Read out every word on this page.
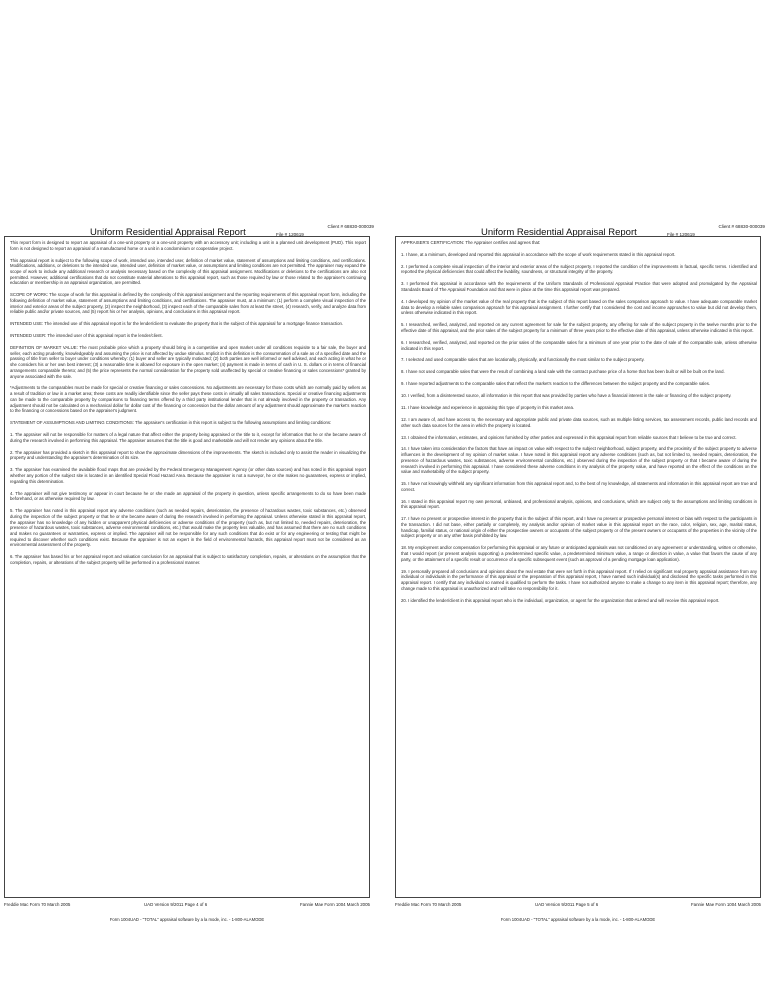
Uniform Residential Appraisal Report
Client # 68830-000039
File # 120619

This report form is designed to report an appraisal of a one-unit property or a one-unit property with an accessory unit; including a unit in a planned unit development (PUD). This report form is not designed to report an appraisal of a manufactured home or a unit in a condominium or cooperative project.

This appraisal report is subject to the following scope of work, intended use, intended user, definition of market value, statement of assumptions and limiting conditions, and certifications. Modifications, additions, or deletions to the intended use, intended user, definition of market value, or assumptions and limiting conditions are not permitted. The appraiser may expand the scope of work to include any additional research or analysis necessary based on the complexity of this appraisal assignment. Modifications or deletions to the certifications are also not permitted. However, additional certifications that do not constitute material alterations to this appraisal report, such as those required by law or those related to the appraiser's continuing education or membership in an appraisal organization, are permitted.

SCOPE OF WORK: The scope of work for this appraisal is defined by the complexity of this appraisal assignment and the reporting requirements of this appraisal report form, including the following definition of market value, statement of assumptions and limiting conditions, and certifications. The appraiser must, at a minimum: (1) perform a complete visual inspection of the interior and exterior areas of the subject property, (2) inspect the neighborhood, (3) inspect each of the comparable sales from at least the street, (4) research, verify, and analyze data from reliable public and/or private sources, and (5) report his or her analysis, opinions, and conclusions in this appraisal report.

INTENDED USE: The intended use of this appraisal report is for the lender/client to evaluate the property that is the subject of this appraisal for a mortgage finance transaction.

INTENDED USER: The intended user of this appraisal report is the lender/client.

DEFINITION OF MARKET VALUE: The most probable price which a property should bring in a competitive and open market under all conditions requisite to a fair sale, the buyer and seller, each acting prudently, knowledgeably and assuming the price is not affected by undue stimulus. Implicit in this definition is the consummation of a sale as of a specified date and the passing of title from seller to buyer under conditions whereby: (1) buyer and seller are typically motivated; (2) both parties are well informed or well advised, and each acting in what he or she considers his or her own best interest; (3) a reasonable time is allowed for exposure in the open market; (4) payment is made in terms of cash in U. S. dollars or in terms of financial arrangements comparable thereto; and (5) the price represents the normal consideration for the property sold unaffected by special or creative financing or sales concessions* granted by anyone associated with the sale.

*Adjustments to the comparables must be made for special or creative financing or sales concessions. No adjustments are necessary for those costs which are normally paid by sellers as a result of tradition or law in a market area; these costs are readily identifiable since the seller pays these costs in virtually all sales transactions. Special or creative financing adjustments can be made to the comparable property by comparisons to financing terms offered by a third party institutional lender that is not already involved in the property or transaction. Any adjustment should not be calculated on a mechanical dollar for dollar cost of the financing or concession but the dollar amount of any adjustment should approximate the market's reaction to the financing or concessions based on the appraiser's judgment.

STATEMENT OF ASSUMPTIONS AND LIMITING CONDITIONS: The appraiser's certification in this report is subject to the following assumptions and limiting conditions:

1. The appraiser will not be responsible for matters of a legal nature that affect either the property being appraised or the title to it, except for information that he or she became aware of during the research involved in performing this appraisal. The appraiser assumes that the title is good and marketable and will not render any opinions about the title.

2. The appraiser has provided a sketch in this appraisal report to show the approximate dimensions of the improvements. The sketch is included only to assist the reader in visualizing the property and understanding the appraiser's determination of its size.

3. The appraiser has examined the available flood maps that are provided by the Federal Emergency Management Agency (or other data sources) and has noted in this appraisal report whether any portion of the subject site is located in an identified Special Flood Hazard Area. Because the appraiser is not a surveyor, he or she makes no guarantees, express or implied, regarding this determination.

4. The appraiser will not give testimony or appear in court because he or she made an appraisal of the property in question, unless specific arrangements to do so have been made beforehand, or as otherwise required by law.

5. The appraiser has noted in this appraisal report any adverse conditions (such as needed repairs, deterioration, the presence of hazardous wastes, toxic substances, etc.) observed during the inspection of the subject property or that he or she became aware of during the research involved in performing the appraisal. Unless otherwise stated in this appraisal report, the appraiser has no knowledge of any hidden or unapparent physical deficiencies or adverse conditions of the property (such as, but not limited to, needed repairs, deterioration, the presence of hazardous wastes, toxic substances, adverse environmental conditions, etc.) that would make the property less valuable, and has assumed that there are no such conditions and makes no guarantees or warranties, express or implied. The appraiser will not be responsible for any such conditions that do exist or for any engineering or testing that might be required to discover whether such conditions exist. Because the appraiser is not an expert in the field of environmental hazards, this appraisal report must not be considered as an environmental assessment of the property.

6. The appraiser has based his or her appraisal report and valuation conclusion for an appraisal that is subject to satisfactory completion, repairs, or alterations on the assumption that the completion, repairs, or alterations of the subject property will be performed in a professional manner.

Freddie Mac Form 70 March 2005	UAD Version 9/2011 Page 4 of 6	Fannie Mae Form 1004 March 2005
Form 1004UAD - "TOTAL" appraisal software by a la mode, inc. - 1-800-ALAMODE
Uniform Residential Appraisal Report
Client # 68830-000039
File # 120619

APPRAISER'S CERTIFICATION: The Appraiser certifies and agrees that:

1. I have, at a minimum, developed and reported this appraisal in accordance with the scope of work requirements stated in this appraisal report.

2. I performed a complete visual inspection of the interior and exterior areas of the subject property. I reported the condition of the improvements in factual, specific terms. I identified and reported the physical deficiencies that could affect the livability, soundness, or structural integrity of the property.

3. I performed this appraisal in accordance with the requirements of the Uniform Standards of Professional Appraisal Practice that were adopted and promulgated by the Appraisal Standards Board of The Appraisal Foundation and that were in place at the time this appraisal report was prepared.

4. I developed my opinion of the market value of the real property that is the subject of this report based on the sales comparison approach to value. I have adequate comparable market data to develop a reliable sales comparison approach for this appraisal assignment. I further certify that I considered the cost and income approaches to value but did not develop them, unless otherwise indicated in this report.

5. I researched, verified, analyzed, and reported on any current agreement for sale for the subject property, any offering for sale of the subject property in the twelve months prior to the effective date of this appraisal, and the prior sales of the subject property for a minimum of three years prior to the effective date of this appraisal, unless otherwise indicated in this report.

6. I researched, verified, analyzed, and reported on the prior sales of the comparable sales for a minimum of one year prior to the date of sale of the comparable sale, unless otherwise indicated in this report.

7. I selected and used comparable sales that are locationally, physically, and functionally the most similar to the subject property.

8. I have not used comparable sales that were the result of combining a land sale with the contract purchase price of a home that has been built or will be built on the land.

9. I have reported adjustments to the comparable sales that reflect the market's reaction to the differences between the subject property and the comparable sales.

10. I verified, from a disinterested source, all information in this report that was provided by parties who have a financial interest in the sale or financing of the subject property.

11. I have knowledge and experience in appraising this type of property in this market area.

12. I am aware of, and have access to, the necessary and appropriate public and private data sources, such as multiple listing services, tax assessment records, public land records and other such data sources for the area in which the property is located.

13. I obtained the information, estimates, and opinions furnished by other parties and expressed in this appraisal report from reliable sources that I believe to be true and correct.

14. I have taken into consideration the factors that have an impact on value with respect to the subject neighborhood, subject property, and the proximity of the subject property to adverse influences in the development of my opinion of market value. I have noted in this appraisal report any adverse conditions (such as, but not limited to, needed repairs, deterioration, the presence of hazardous wastes, toxic substances, adverse environmental conditions, etc.) observed during the inspection of the subject property or that I became aware of during the research involved in performing this appraisal. I have considered these adverse conditions in my analysis of the property value, and have reported on the effect of the conditions on the value and marketability of the subject property.

15. I have not knowingly withheld any significant information from this appraisal report and, to the best of my knowledge, all statements and information in this appraisal report are true and correct.

16. I stated in this appraisal report my own personal, unbiased, and professional analysis, opinions, and conclusions, which are subject only to the assumptions and limiting conditions in this appraisal report.

17. I have no present or prospective interest in the property that is the subject of this report, and I have no present or prospective personal interest or bias with respect to the participants in the transaction. I did not base, either partially or completely, my analysis and/or opinion of market value in this appraisal report on the race, color, religion, sex, age, marital status, handicap, familial status, or national origin of either the prospective owners or occupants of the subject property or of the present owners or occupants of the properties in the vicinity of the subject property or on any other basis prohibited by law.

18. My employment and/or compensation for performing this appraisal or any future or anticipated appraisals was not conditioned on any agreement or understanding, written or otherwise, that I would report (or present analysis supporting) a predetermined specific value, a predetermined minimum value, a range or direction in value, a value that favors the cause of any party, or the attainment of a specific result or occurrence of a specific subsequent event (such as approval of a pending mortgage loan application).

19. I personally prepared all conclusions and opinions about the real estate that were set forth in this appraisal report. If I relied on significant real property appraisal assistance from any individual or individuals in the performance of this appraisal or the preparation of this appraisal report, I have named such individual(s) and disclosed the specific tasks performed in this appraisal report. I certify that any individual so named is qualified to perform the tasks. I have not authorized anyone to make a change to any item in this appraisal report; therefore, any change made to this appraisal is unauthorized and I will take no responsibility for it.

20. I identified the lender/client in this appraisal report who is the individual, organization, or agent for the organization that ordered and will receive this appraisal report.

Freddie Mac Form 70 March 2005	UAD Version 9/2011 Page 5 of 6	Fannie Mae Form 1004 March 2005
Form 1004UAD - "TOTAL" appraisal software by a la mode, inc. - 1-800-ALAMODE
